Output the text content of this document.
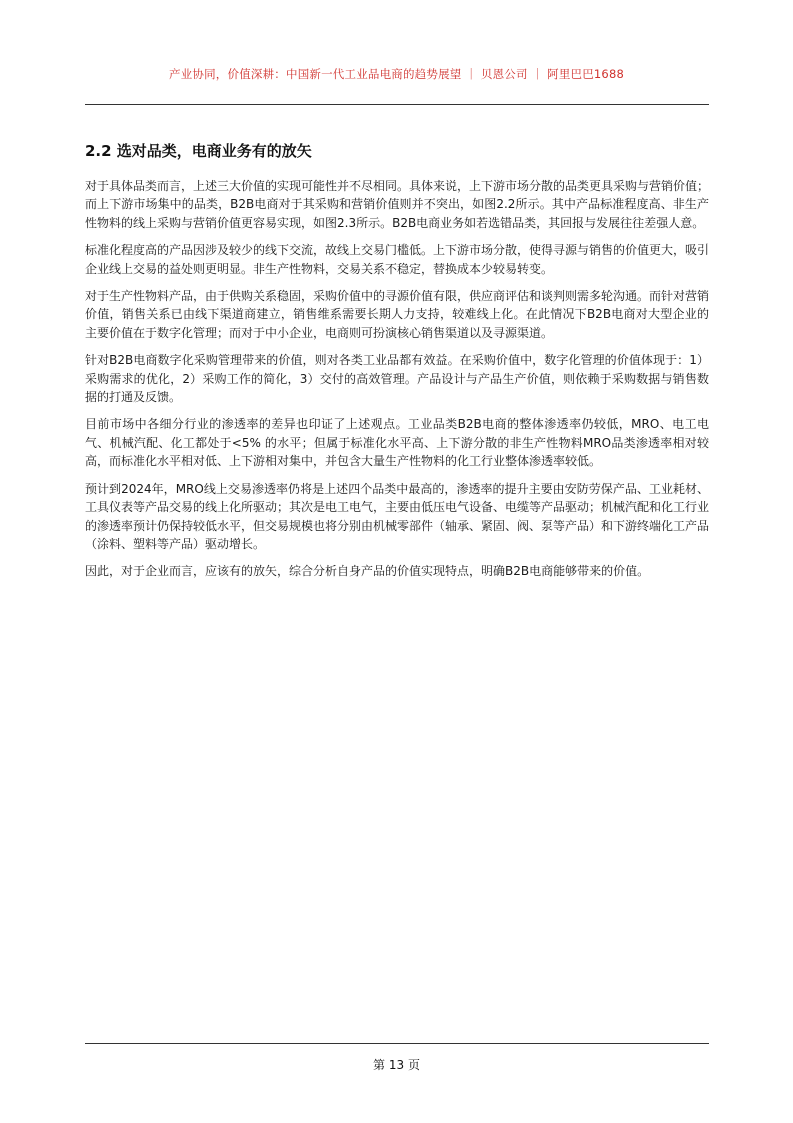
产业协同，价值深耕：中国新一代工业品电商的趋势展望 ｜ 贝恩公司 ｜ 阿里巴巴1688
2.2 选对品类，电商业务有的放矢

对于具体品类而言，上述三大价值的实现可能性并不尽相同。具体来说，上下游市场分散的品类更具采购与营销价值；而上下游市场集中的品类，B2B电商对于其采购和营销价值则并不突出，如图2.2所示。其中产品标准程度高、非生产性物料的线上采购与营销价值更容易实现，如图2.3所示。B2B电商业务如若选错品类，其回报与发展往往差强人意。

标准化程度高的产品因涉及较少的线下交流，故线上交易门槛低。上下游市场分散，使得寻源与销售的价值更大，吸引企业线上交易的益处则更明显。非生产性物料，交易关系不稳定，替换成本少较易转变。

对于生产性物料产品，由于供购关系稳固，采购价值中的寻源价值有限，供应商评估和谈判则需多轮沟通。而针对营销价值，销售关系已由线下渠道商建立，销售维系需要长期人力支持，较难线上化。在此情况下B2B电商对大型企业的主要价值在于数字化管理；而对于中小企业，电商则可扮演核心销售渠道以及寻源渠道。

针对B2B电商数字化采购管理带来的价值，则对各类工业品都有效益。在采购价值中，数字化管理的价值体现于：1）采购需求的优化，2）采购工作的简化，3）交付的高效管理。产品设计与产品生产价值，则依赖于采购数据与销售数据的打通及反馈。

目前市场中各细分行业的渗透率的差异也印证了上述观点。工业品类B2B电商的整体渗透率仍较低，MRO、电工电气、机械汽配、化工都处于<5% 的水平；但属于标准化水平高、上下游分散的非生产性物料MRO品类渗透率相对较高，而标准化水平相对低、上下游相对集中，并包含大量生产性物料的化工行业整体渗透率较低。

预计到2024年，MRO线上交易渗透率仍将是上述四个品类中最高的，渗透率的提升主要由安防劳保产品、工业耗材、工具仪表等产品交易的线上化所驱动；其次是电工电气，主要由低压电气设备、电缆等产品驱动；机械汽配和化工行业的渗透率预计仍保持较低水平，但交易规模也将分别由机械零部件（轴承、紧固、阀、泵等产品）和下游终端化工产品（涂料、塑料等产品）驱动增长。

因此，对于企业而言，应该有的放矢，综合分析自身产品的价值实现特点，明确B2B电商能够带来的价值。

第 13 页
